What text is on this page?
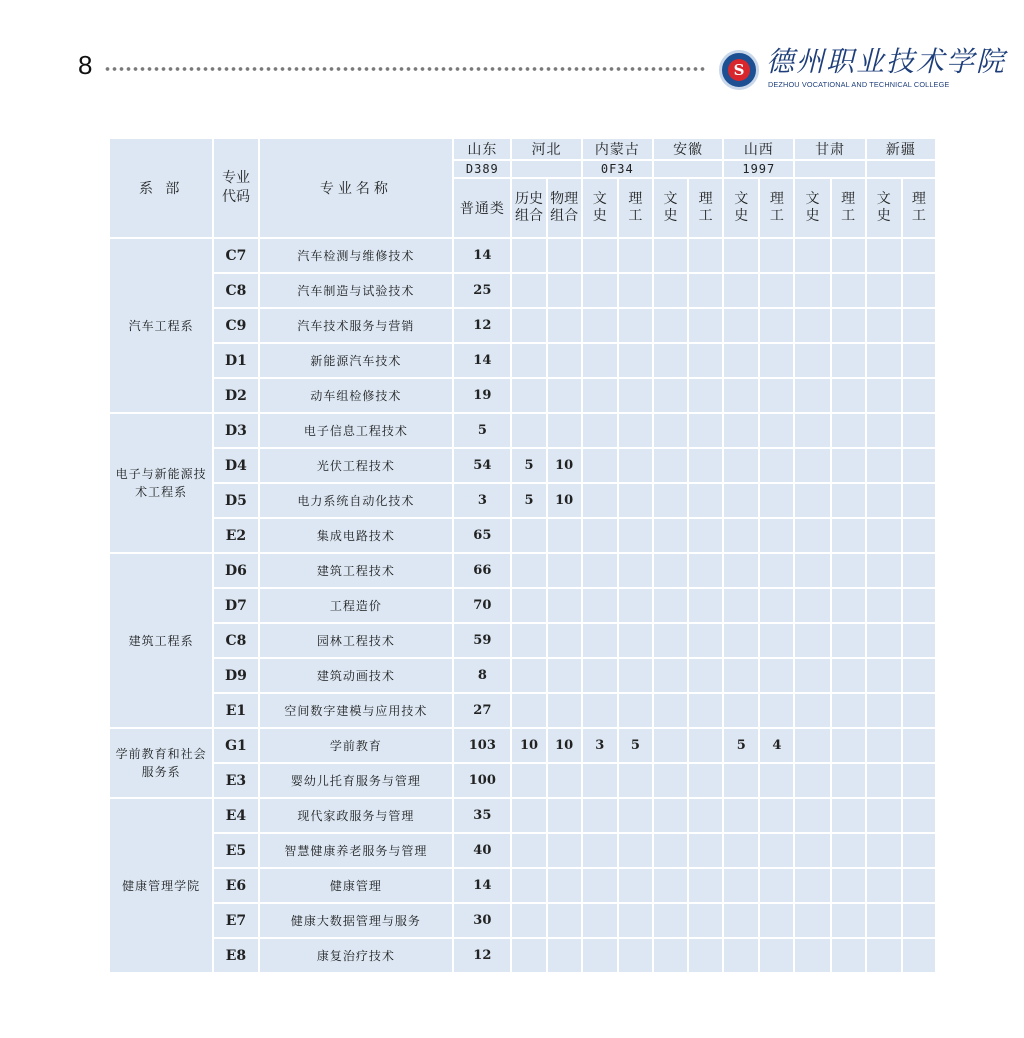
8	S 德州职业技术学院
DEZHOU VOCATIONAL AND TECHNICAL COLLEGE
系 部	专业代码	专业名称	山东	河北		内蒙古		安徽		山西		甘肃		新疆	
			D389			0F34				1997					
			普通类	历史组合	物理组合	文史	理工	文史	理工	文史	理工	文史	理工	文史	理工
汽车工程系	C7	汽车检测与维修技术	14												
	C8	汽车制造与试验技术	25												
	C9	汽车技术服务与营销	12												
	D1	新能源汽车技术	14												
	D2	动车组检修技术	19												
电子与新能源技术工程系	D3	电子信息工程技术	5												
	D4	光伏工程技术	54	5	10										
	D5	电力系统自动化技术	3	5	10										
	E2	集成电路技术	65												
建筑工程系	D6	建筑工程技术	66												
	D7	工程造价	70												
	C8	园林工程技术	59												
	D9	建筑动画技术	8												
	E1	空间数字建模与应用技术	27												
学前教育和社会服务系	G1	学前教育	103	10	10	3	5			5	4				
	E3	婴幼儿托育服务与管理	100												
健康管理学院	E4	现代家政服务与管理	35												
	E5	智慧健康养老服务与管理	40												
	E6	健康管理	14												
	E7	健康大数据管理与服务	30												
	E8	康复治疗技术	12												
